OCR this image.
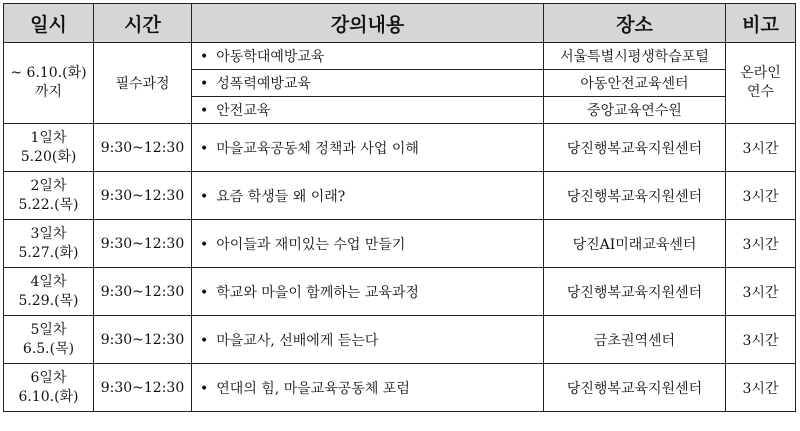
일시	시간	강의내용	장소	비고

~ 6.10.(화)
까지	필수과정	• 아동학대예방교육	서울특별시평생학습포털	온라인
연수

		• 성폭력예방교육	아동안전교육센터	
		• 안전교육	중앙교육연수원	

1일차
5.20(화)	9:30~12:30	• 마을교육공동체 정책과 사업 이해	당진행복교육지원센터	3시간

2일차
5.22.(목)	9:30~12:30	• 요즘 학생들 왜 이래?	당진행복교육지원센터	3시간

3일차
5.27.(화)	9:30~12:30	• 아이들과 재미있는 수업 만들기	당진AI미래교육센터	3시간

4일차
5.29.(목)	9:30~12:30	• 학교와 마을이 함께하는 교육과정	당진행복교육지원센터	3시간

5일차
6.5.(목)	9:30~12:30	• 마을교사, 선배에게 듣는다	금초권역센터	3시간

6일차
6.10.(화)	9:30~12:30	• 연대의 힘, 마을교육공동체 포럼	당진행복교육지원센터	3시간
